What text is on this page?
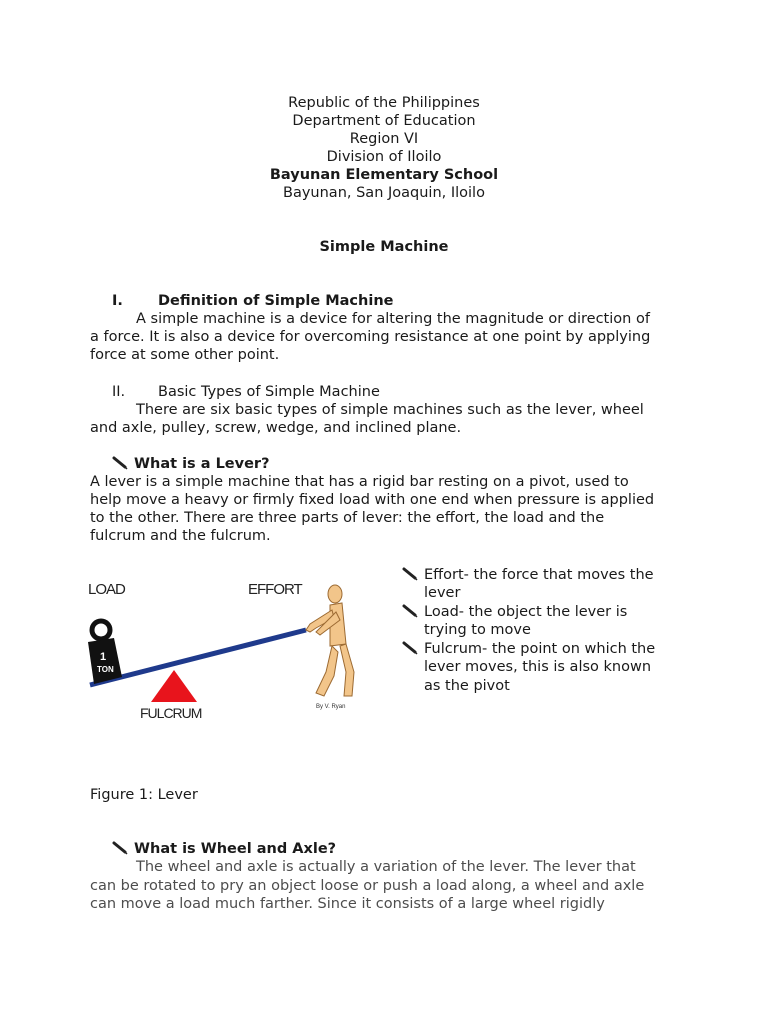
Republic of the Philippines
Department of Education
Region VI
Division of Iloilo
Bayunan Elementary School
Bayunan, San Joaquin, Iloilo
Simple Machine
I. Definition of Simple Machine
A simple machine is a device for altering the magnitude or direction of
a force. It is also a device for overcoming resistance at one point by applying
force at some other point.
II. Basic Types of Simple Machine
There are six basic types of simple machines such as the lever, wheel
and axle, pulley, screw, wedge, and inclined plane.
What is a Lever?
A lever is a simple machine that has a rigid bar resting on a pivot, used to
help move a heavy or firmly fixed load with one end when pressure is applied
to the other. There are three parts of lever: the effort, the load and the
fulcrum and the fulcrum.
LOAD	EFFORT
1
TON
FULCRUM	By V. Ryan
Effort- the force that moves the
lever
Load- the object the lever is
trying to move
Fulcrum- the point on which the
lever moves, this is also known
as the pivot
Figure 1: Lever
What is Wheel and Axle?
The wheel and axle is actually a variation of the lever. The lever that
can be rotated to pry an object loose or push a load along, a wheel and axle
can move a load much farther. Since it consists of a large wheel rigidly
